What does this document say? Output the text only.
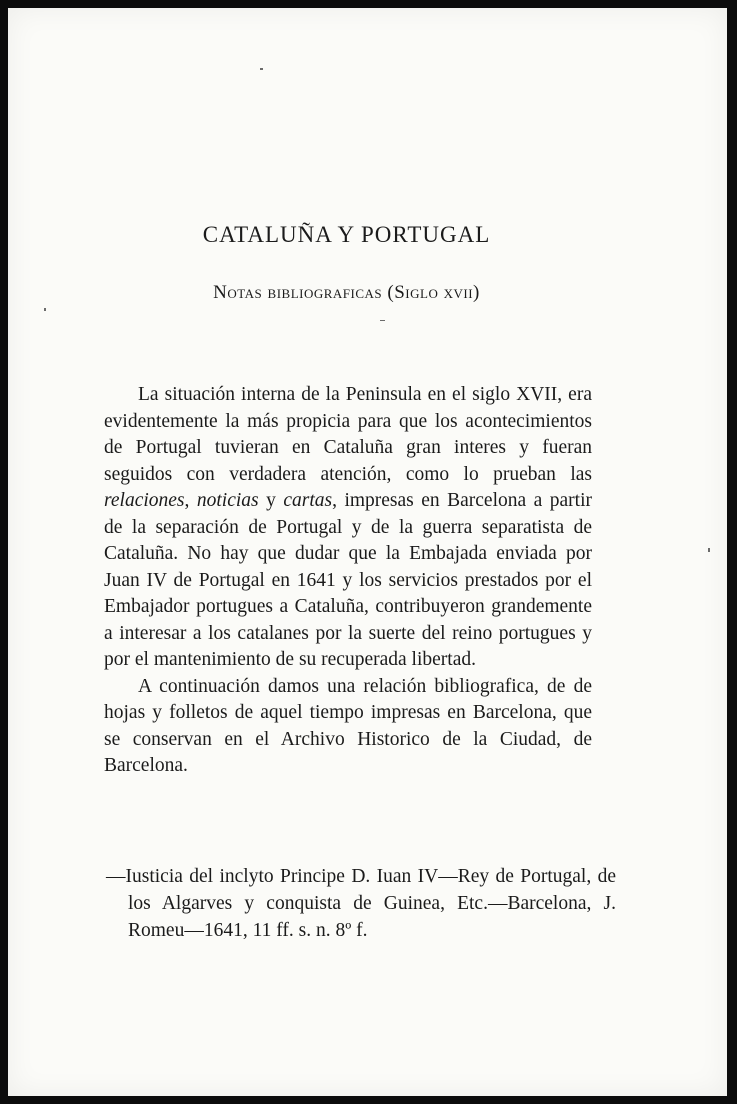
CATALUÑA Y PORTUGAL
Notas bibliograficas (Siglo xvii)

La situación interna de la Peninsula en el siglo XVII, era evidentemente la más propicia para que los acontecimientos de Portugal tuvieran en Cataluña gran interes y fueran seguidos con verdadera atención, como lo prueban las relaciones, noticias y cartas, impresas en Barcelona a partir de la separación de Portugal y de la guerra separatista de Cataluña. No hay que dudar que la Embajada enviada por Juan IV de Portugal en 1641 y los servicios prestados por el Embajador portugues a Cataluña, contribuyeron grandemente a interesar a los catalanes por la suerte del reino portugues y por el mantenimiento de su recuperada libertad.

A continuación damos una relación bibliografica, de de hojas y folletos de aquel tiempo impresas en Barcelona, que se conservan en el Archivo Historico de la Ciudad, de Barcelona.

—Iusticia del inclyto Principe D. Iuan IV—Rey de Portugal, de los Algarves y conquista de Guinea, Etc.—Barcelona, J. Romeu—1641, 11 ff. s. n. 8º f.
